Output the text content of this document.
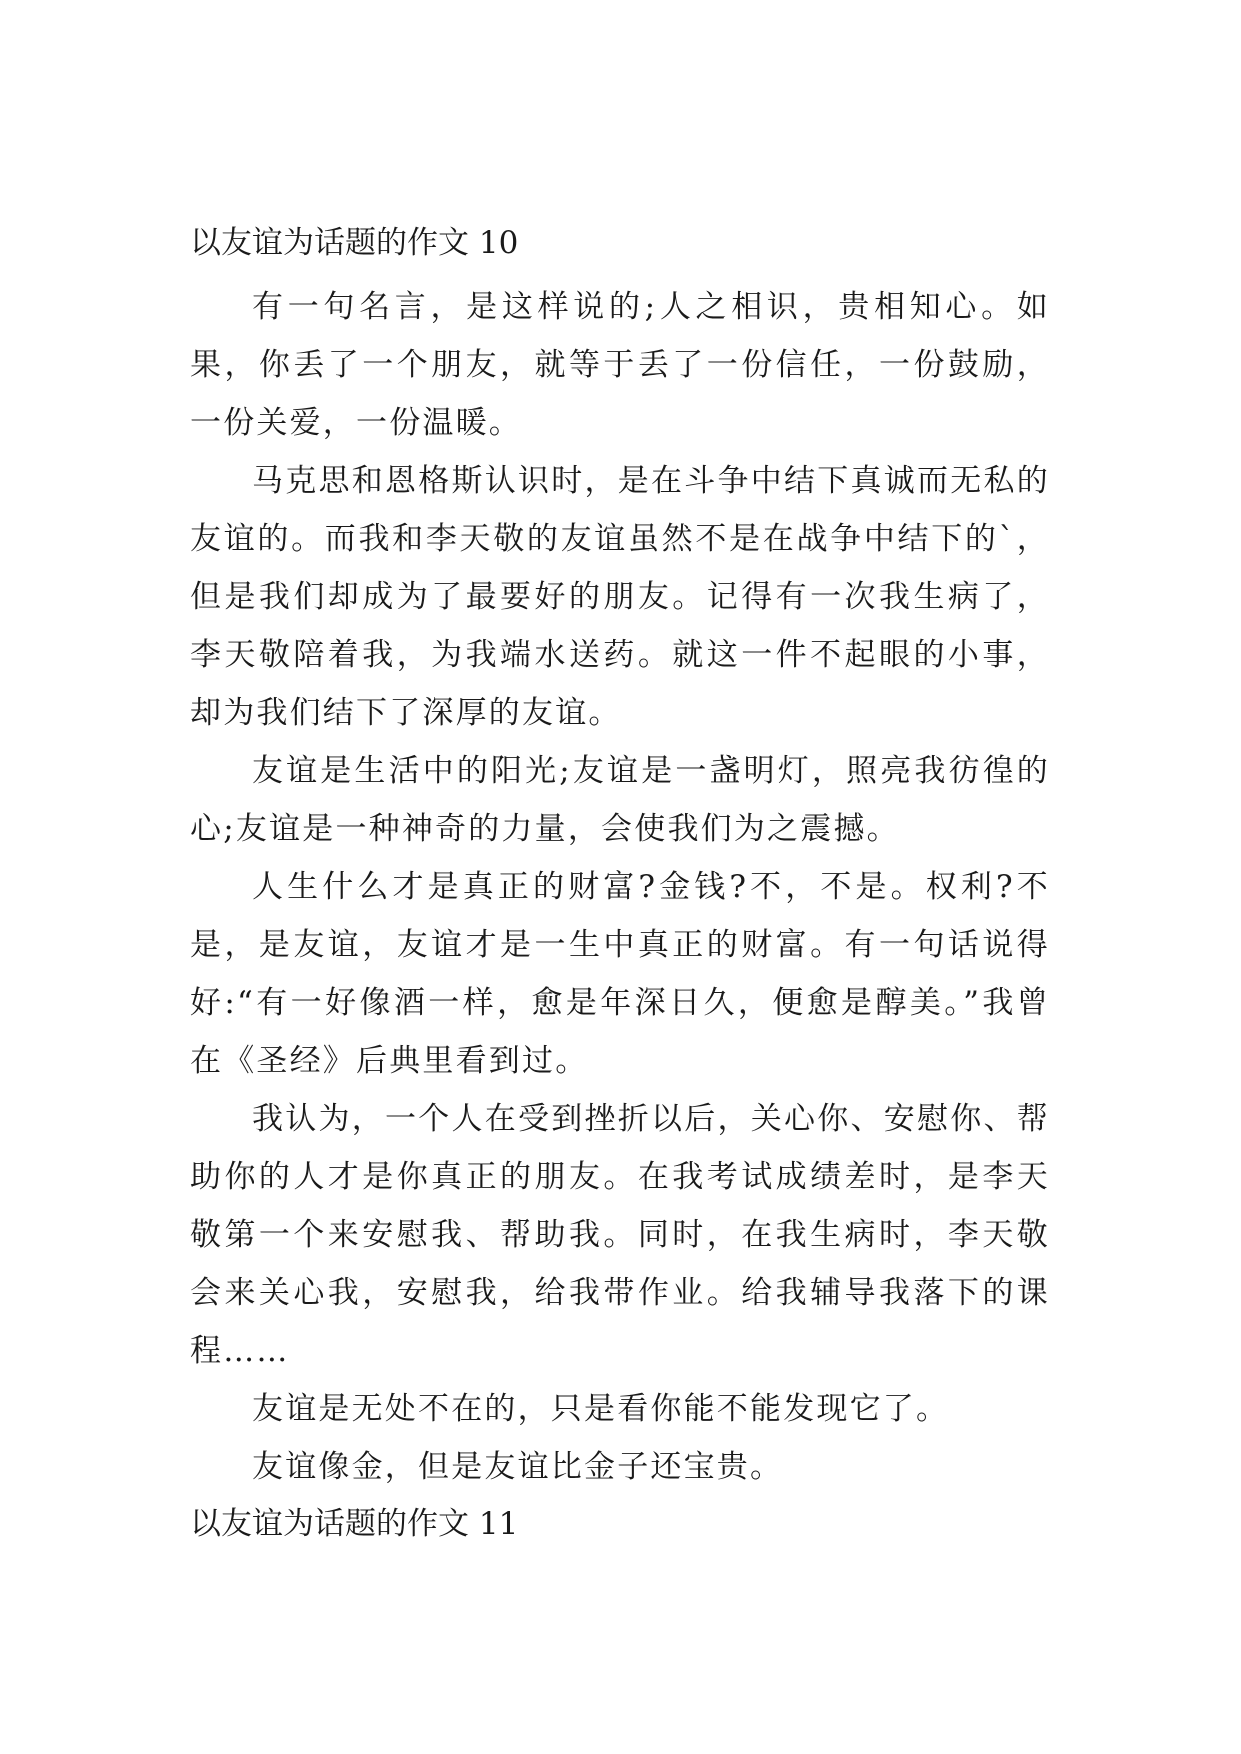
以友谊为话题的作文 10

有一句名言，是这样说的;人之相识，贵相知心。如果，你丢了一个朋友，就等于丢了一份信任，一份鼓励，一份关爱，一份温暖。

马克思和恩格斯认识时，是在斗争中结下真诚而无私的友谊的。而我和李天敬的友谊虽然不是在战争中结下的`，但是我们却成为了最要好的朋友。记得有一次我生病了，李天敬陪着我，为我端水送药。就这一件不起眼的小事，却为我们结下了深厚的友谊。

友谊是生活中的阳光;友谊是一盏明灯，照亮我彷徨的心;友谊是一种神奇的力量，会使我们为之震撼。

人生什么才是真正的财富?金钱?不，不是。权利?不是，是友谊，友谊才是一生中真正的财富。有一句话说得好:“有一好像酒一样，愈是年深日久，便愈是醇美。”我曾在《圣经》后典里看到过。

我认为，一个人在受到挫折以后，关心你、安慰你、帮助你的人才是你真正的朋友。在我考试成绩差时，是李天敬第一个来安慰我、帮助我。同时，在我生病时，李天敬会来关心我，安慰我，给我带作业。给我辅导我落下的课程……

友谊是无处不在的，只是看你能不能发现它了。

友谊像金，但是友谊比金子还宝贵。

以友谊为话题的作文 11
